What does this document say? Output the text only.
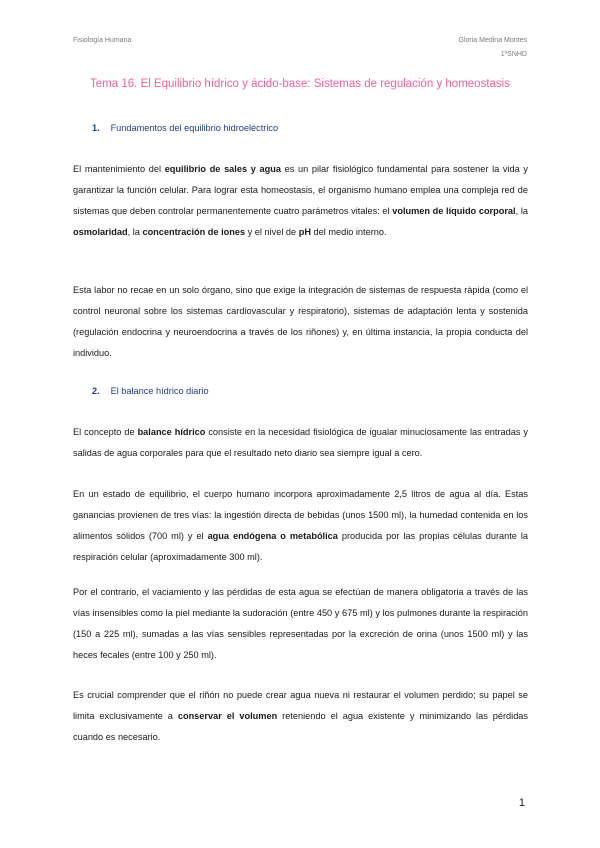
Fisiología Humana	Gloria Medina Montes
1ºSNHD
Tema 16. El Equilibrio hídrico y ácido-base: Sistemas de regulación y homeostasis
1. Fundamentos del equilibrio hidroeléctrico
El mantenimiento del equilibrio de sales y agua es un pilar fisiológico fundamental para sostener la vida y garantizar la función celular. Para lograr esta homeostasis, el organismo humano emplea una compleja red de sistemas que deben controlar permanentemente cuatro parámetros vitales: el volumen de líquido corporal, la osmolaridad, la concentración de iones y el nivel de pH del medio interno.
Esta labor no recae en un solo órgano, sino que exige la integración de sistemas de respuesta rápida (como el control neuronal sobre los sistemas cardiovascular y respiratorio), sistemas de adaptación lenta y sostenida (regulación endocrina y neuroendocrina a través de los riñones) y, en última instancia, la propia conducta del individuo.
2. El balance hídrico diario
El concepto de balance hídrico consiste en la necesidad fisiológica de igualar minuciosamente las entradas y salidas de agua corporales para que el resultado neto diario sea siempre igual a cero.
En un estado de equilibrio, el cuerpo humano incorpora aproximadamente 2,5 litros de agua al día. Estas ganancias provienen de tres vías: la ingestión directa de bebidas (unos 1500 ml), la humedad contenida en los alimentos sólidos (700 ml) y el agua endógena o metabólica producida por las propias células durante la respiración celular (aproximadamente 300 ml).
Por el contrario, el vaciamiento y las pérdidas de esta agua se efectúan de manera obligatoria a través de las vías insensibles como la piel mediante la sudoración (entre 450 y 675 ml) y los pulmones durante la respiración (150 a 225 ml), sumadas a las vías sensibles representadas por la excreción de orina (unos 1500 ml) y las heces fecales (entre 100 y 250 ml).
Es crucial comprender que el riñón no puede crear agua nueva ni restaurar el volumen perdido; su papel se limita exclusivamente a conservar el volumen reteniendo el agua existente y minimizando las pérdidas cuando es necesario.
1
